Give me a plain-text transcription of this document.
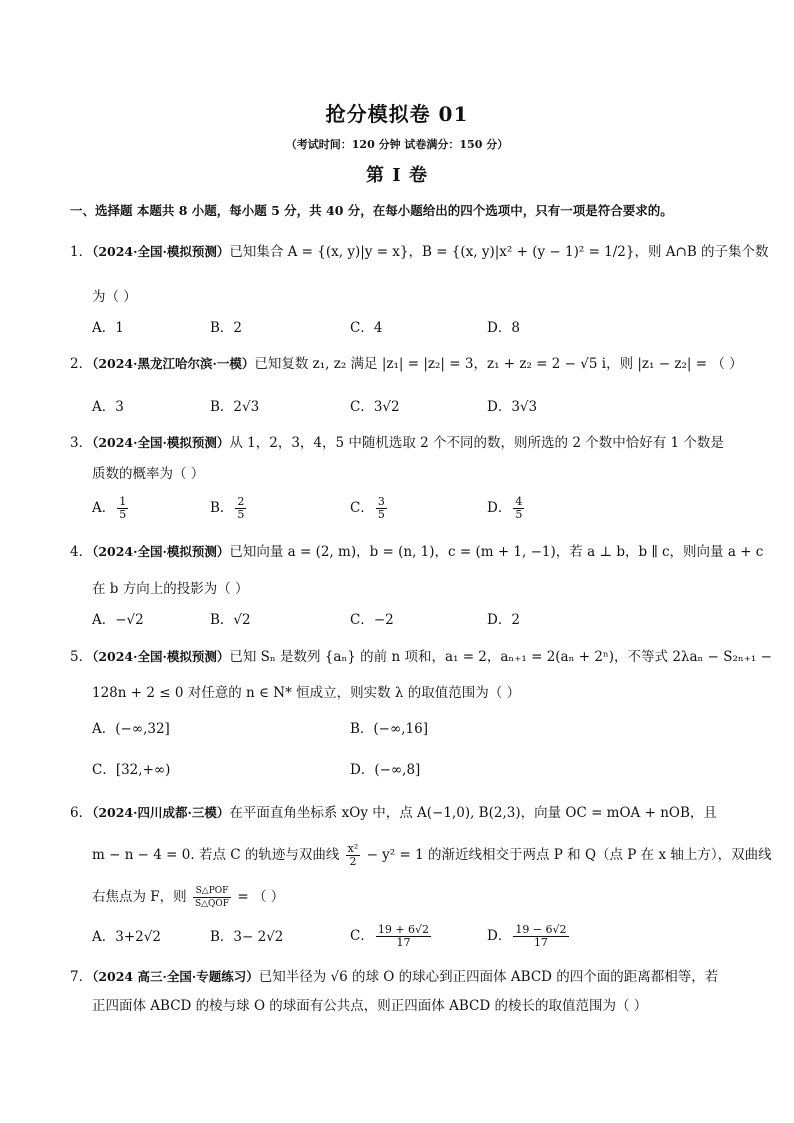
抢分模拟卷 01
（考试时间：120 分钟 试卷满分：150 分）
第 I 卷
一、选择题 本题共 8 小题，每小题 5 分，共 40 分，在每小题给出的四个选项中，只有一项是符合要求的。
1．（2024·全国·模拟预测）已知集合 A = {(x, y)|y = x}，B = {(x, y)|x² + (y − 1)² = 1/2}，则 A∩B 的子集个数
为（ ）
A．1	B．2	C．4	D．8
2．（2024·黑龙江哈尔滨·一模）已知复数 z₁, z₂ 满足 |z₁| = |z₂| = 3，z₁ + z₂ = 2 − √5 i，则 |z₁ − z₂| = （ ）
A．3	B．2√3	C．3√2	D．3√3
3．（2024·全国·模拟预测）从 1，2，3，4，5 中随机选取 2 个不同的数，则所选的 2 个数中恰好有 1 个数是
质数的概率为（ ）
A． $\frac{1}{5}$	B． $\frac{2}{5}$	C． $\frac{3}{5}$	D． $\frac{4}{5}$
4．（2024·全国·模拟预测）已知向量 a = (2, m)，b = (n, 1)，c = (m + 1, −1)，若 a ⊥ b，b ∥ c，则向量 a + c
在 b 方向上的投影为（ ）
A．−√2	B．√2	C．−2	D．2
5．（2024·全国·模拟预测）已知 Sₙ 是数列 {aₙ} 的前 n 项和，a₁ = 2，aₙ₊₁ = 2(aₙ + 2ⁿ)，不等式 2λaₙ − S₂ₙ₊₁ −
128n + 2 ≤ 0 对任意的 n ∈ N* 恒成立，则实数 λ 的取值范围为（ ）
A．(−∞,32]	B．(−∞,16]
C．[32,+∞)	D．(−∞,8]
6．（2024·四川成都·三模）在平面直角坐标系 xOy 中，点 A(−1,0), B(2,3)，向量 OC = mOA + nOB，且
m − n − 4 = 0. 若点 C 的轨迹与双曲线 $\frac{\text{x²}}{2} - y^2 = 1$ 的渐近线相交于两点 P 和 Q（点 P 在 x 轴上方），双曲线
右焦点为 F，则 $\frac{\text{S△POF}}{\text{S△QOF}}$ = （ ）
A．3+2√2	B．3− 2√2	C． $\frac{19 + 6√2}{17}$	D． $\frac{19 - 6√2}{17}$
7．（2024 高三·全国·专题练习）已知半径为 √6 的球 O 的球心到正四面体 ABCD 的四个面的距离都相等，若
正四面体 ABCD 的棱与球 O 的球面有公共点，则正四面体 ABCD 的棱长的取值范围为（ ）
